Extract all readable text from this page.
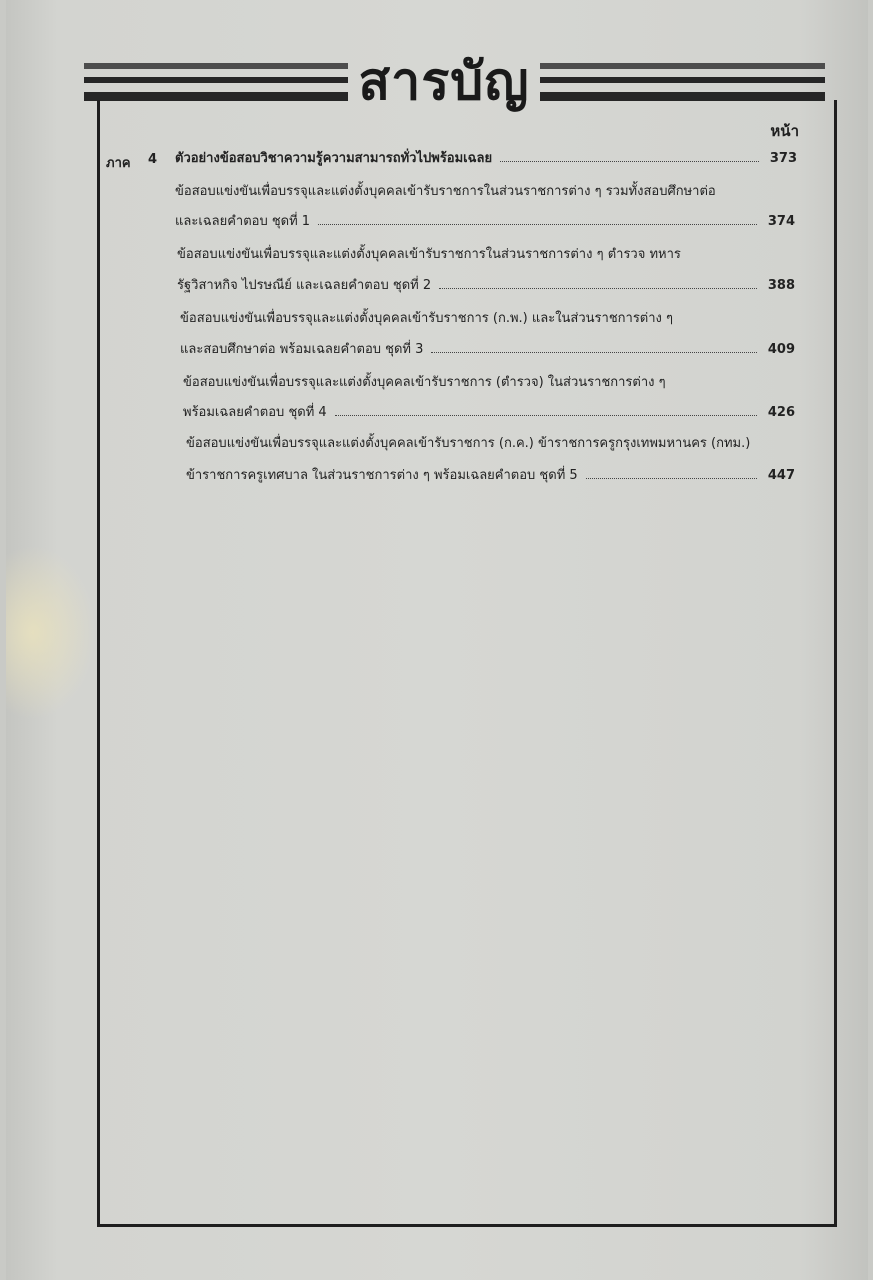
สารบัญ
หน้า
ภาค 4 ตัวอย่างข้อสอบวิชาความรู้ความสามารถทั่วไปพร้อมเฉลย	373
ข้อสอบแข่งขันเพื่อบรรจุและแต่งตั้งบุคคลเข้ารับราชการในส่วนราชการต่าง ๆ รวมทั้งสอบศึกษาต่อ
และเฉลยคำตอบ ชุดที่ 1	374
ข้อสอบแข่งขันเพื่อบรรจุและแต่งตั้งบุคคลเข้ารับราชการในส่วนราชการต่าง ๆ ตำรวจ ทหาร
รัฐวิสาหกิจ ไปรษณีย์ และเฉลยคำตอบ ชุดที่ 2	388
ข้อสอบแข่งขันเพื่อบรรจุและแต่งตั้งบุคคลเข้ารับราชการ (ก.พ.) และในส่วนราชการต่าง ๆ
และสอบศึกษาต่อ พร้อมเฉลยคำตอบ ชุดที่ 3	409
ข้อสอบแข่งขันเพื่อบรรจุและแต่งตั้งบุคคลเข้ารับราชการ (ตำรวจ) ในส่วนราชการต่าง ๆ
พร้อมเฉลยคำตอบ ชุดที่ 4	426
ข้อสอบแข่งขันเพื่อบรรจุและแต่งตั้งบุคคลเข้ารับราชการ (ก.ค.) ข้าราชการครูกรุงเทพมหานคร (กทม.)
ข้าราชการครูเทศบาล ในส่วนราชการต่าง ๆ พร้อมเฉลยคำตอบ ชุดที่ 5	447
